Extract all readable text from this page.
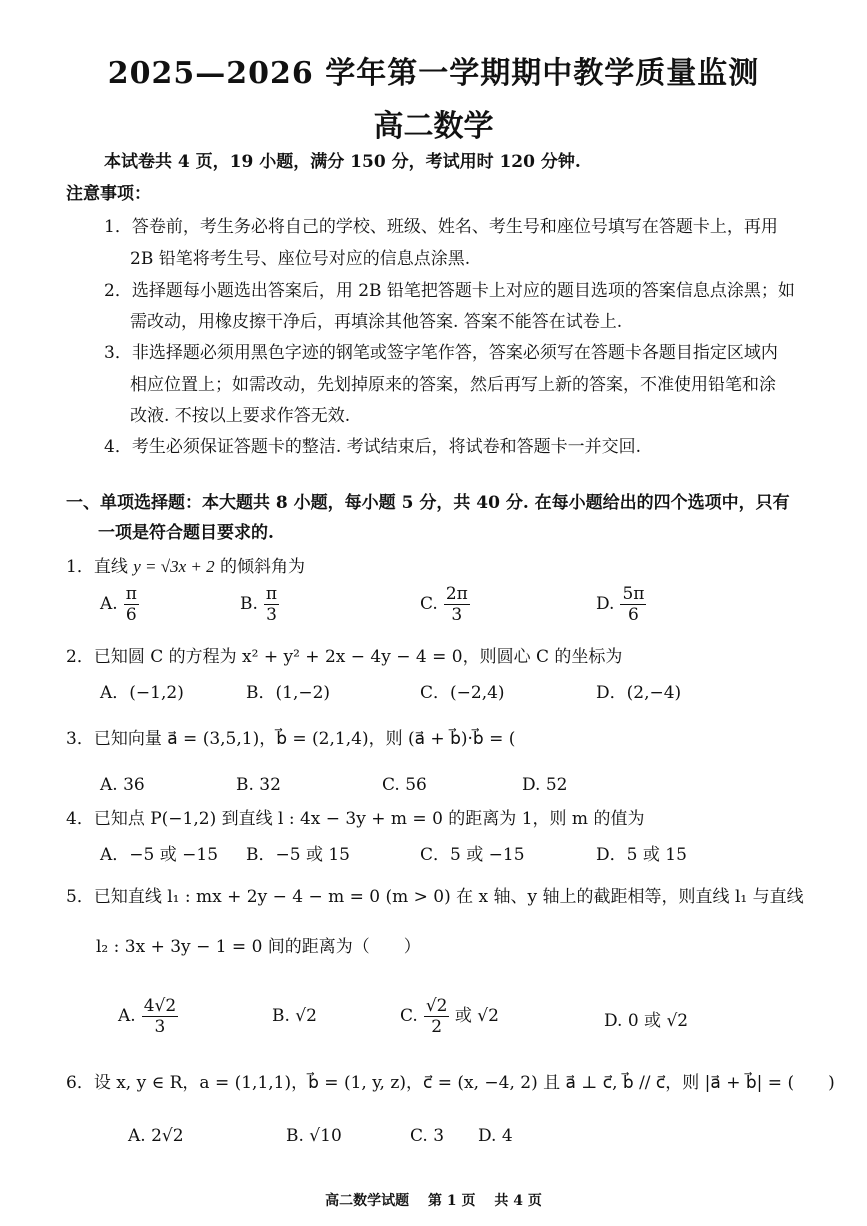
2025—2026 学年第一学期期中教学质量监测
高二数学
本试卷共 4 页，19 小题，满分 150 分，考试用时 120 分钟.
注意事项：
1．答卷前，考生务必将自己的学校、班级、姓名、考生号和座位号填写在答题卡上，再用
2B 铅笔将考生号、座位号对应的信息点涂黑.
2．选择题每小题选出答案后，用 2B 铅笔把答题卡上对应的题目选项的答案信息点涂黑；如
需改动，用橡皮擦干净后，再填涂其他答案. 答案不能答在试卷上.
3．非选择题必须用黑色字迹的钢笔或签字笔作答，答案必须写在答题卡各题目指定区域内
相应位置上；如需改动，先划掉原来的答案，然后再写上新的答案，不准使用铅笔和涂
改液. 不按以上要求作答无效.
4．考生必须保证答题卡的整洁. 考试结束后，将试卷和答题卡一并交回.
一、单项选择题：本大题共 8 小题，每小题 5 分，共 40 分. 在每小题给出的四个选项中，只有
一项是符合题目要求的.
1．直线 y = √3x + 2 的倾斜角为
A. $\frac{\pi}{6}$	B. $\frac{\pi}{3}$	C. $\frac{2\pi}{3}$	D. $\frac{5\pi}{6}$
2．已知圆 C 的方程为 x² + y² + 2x − 4y − 4 = 0，则圆心 C 的坐标为
A．(−1,2)	B．(1,−2)	C．(−2,4)	D．(2,−4)
3．已知向量 a⃗ = (3,5,1)，b⃗ = (2,1,4)，则 (a⃗ + b⃗)·b⃗ = (
A. 36	B. 32	C. 56	D. 52
4．已知点 P(−1,2) 到直线 l : 4x − 3y + m = 0 的距离为 1，则 m 的值为
A．−5 或 −15 B．−5 或 15	C．5 或 −15	D．5 或 15
5．已知直线 l₁ : mx + 2y − 4 − m = 0 (m > 0) 在 x 轴、y 轴上的截距相等，则直线 l₁ 与直线
l₂ : 3x + 3y − 1 = 0 间的距离为（　　）
A. $\frac{4√2}{3}$	B. √2	C. $\frac{√2}{2}$ 或 √2	D. 0 或 √2
6．设 x, y ∈ R，a = (1,1,1)，b⃗ = (1, y, z)，c⃗ = (x, −4, 2) 且 a⃗ ⊥ c⃗, b⃗ // c⃗，则 |a⃗ + b⃗| = (　　)
A. 2√2	B. √10	C. 3 D. 4
高二数学试题　 第 1 页　 共 4 页
